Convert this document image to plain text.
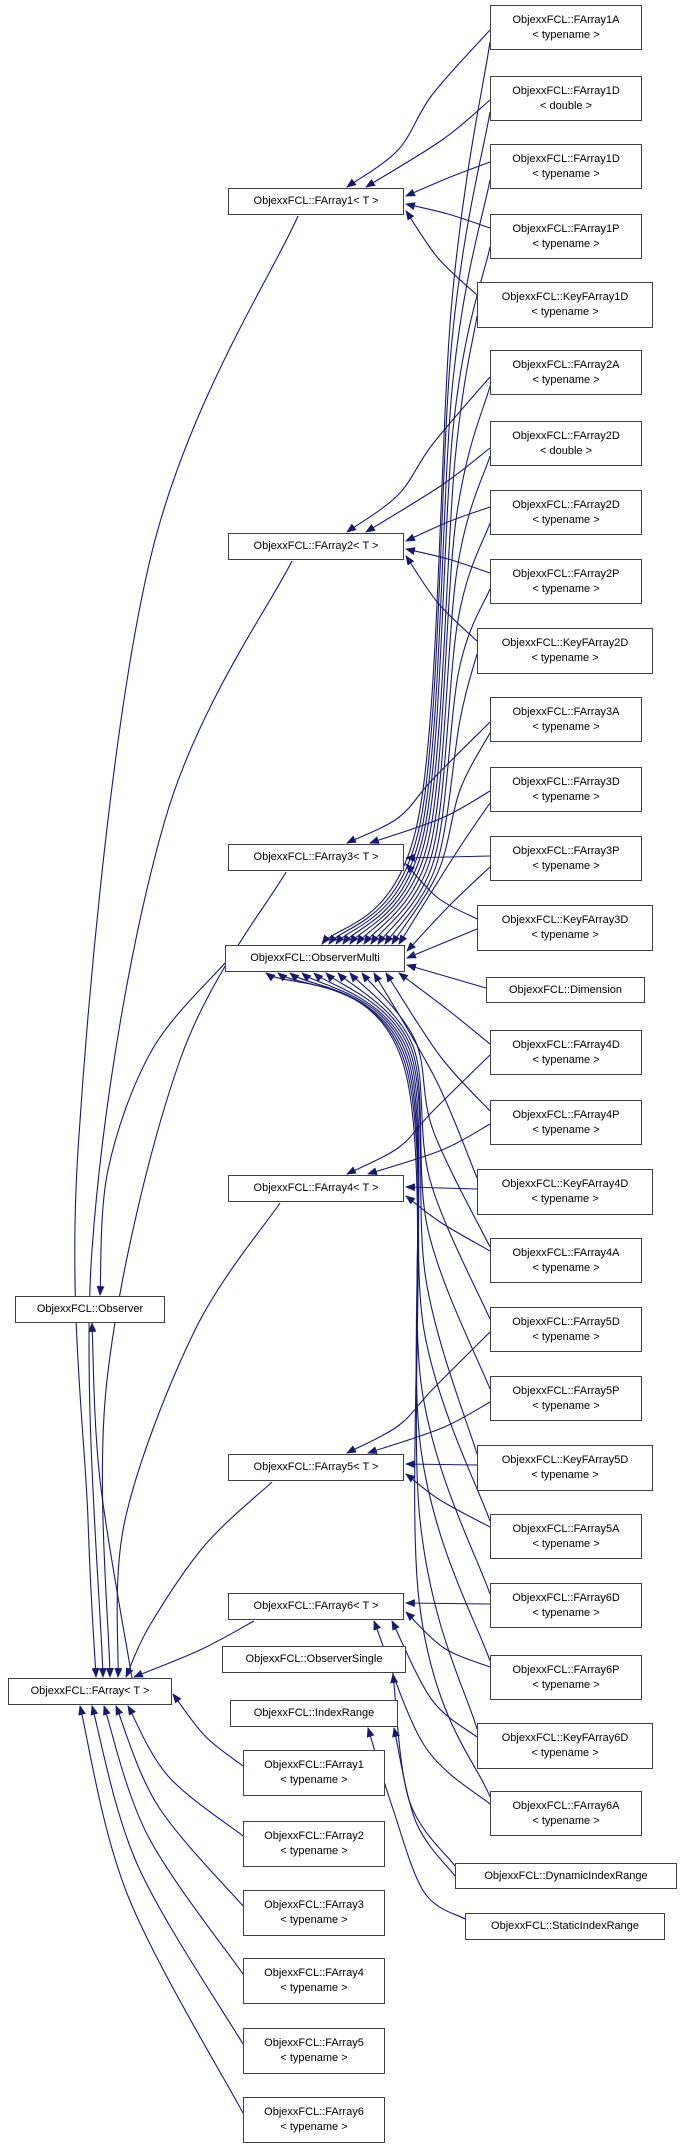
ObjexxFCL::Observer
ObjexxFCL::FArray< T >
ObjexxFCL::FArray1< T >
ObjexxFCL::FArray2< T >
ObjexxFCL::FArray3< T >
ObjexxFCL::ObserverMulti
ObjexxFCL::FArray4< T >
ObjexxFCL::FArray5< T >
ObjexxFCL::FArray6< T >
ObjexxFCL::ObserverSingle
ObjexxFCL::IndexRange
ObjexxFCL::FArray1
< typename >
ObjexxFCL::FArray2
< typename >
ObjexxFCL::FArray3
< typename >
ObjexxFCL::FArray4
< typename >
ObjexxFCL::FArray5
< typename >
ObjexxFCL::FArray6
< typename >
ObjexxFCL::FArray1A
< typename >
ObjexxFCL::FArray1D
< double >
ObjexxFCL::FArray1D
< typename >
ObjexxFCL::FArray1P
< typename >
ObjexxFCL::KeyFArray1D
< typename >
ObjexxFCL::FArray2A
< typename >
ObjexxFCL::FArray2D
< double >
ObjexxFCL::FArray2D
< typename >
ObjexxFCL::FArray2P
< typename >
ObjexxFCL::KeyFArray2D
< typename >
ObjexxFCL::FArray3A
< typename >
ObjexxFCL::FArray3D
< typename >
ObjexxFCL::FArray3P
< typename >
ObjexxFCL::KeyFArray3D
< typename >
ObjexxFCL::Dimension
ObjexxFCL::FArray4D
< typename >
ObjexxFCL::FArray4P
< typename >
ObjexxFCL::KeyFArray4D
< typename >
ObjexxFCL::FArray4A
< typename >
ObjexxFCL::FArray5D
< typename >
ObjexxFCL::FArray5P
< typename >
ObjexxFCL::KeyFArray5D
< typename >
ObjexxFCL::FArray5A
< typename >
ObjexxFCL::FArray6D
< typename >
ObjexxFCL::FArray6P
< typename >
ObjexxFCL::KeyFArray6D
< typename >
ObjexxFCL::FArray6A
< typename >
ObjexxFCL::DynamicIndexRange
ObjexxFCL::StaticIndexRange
